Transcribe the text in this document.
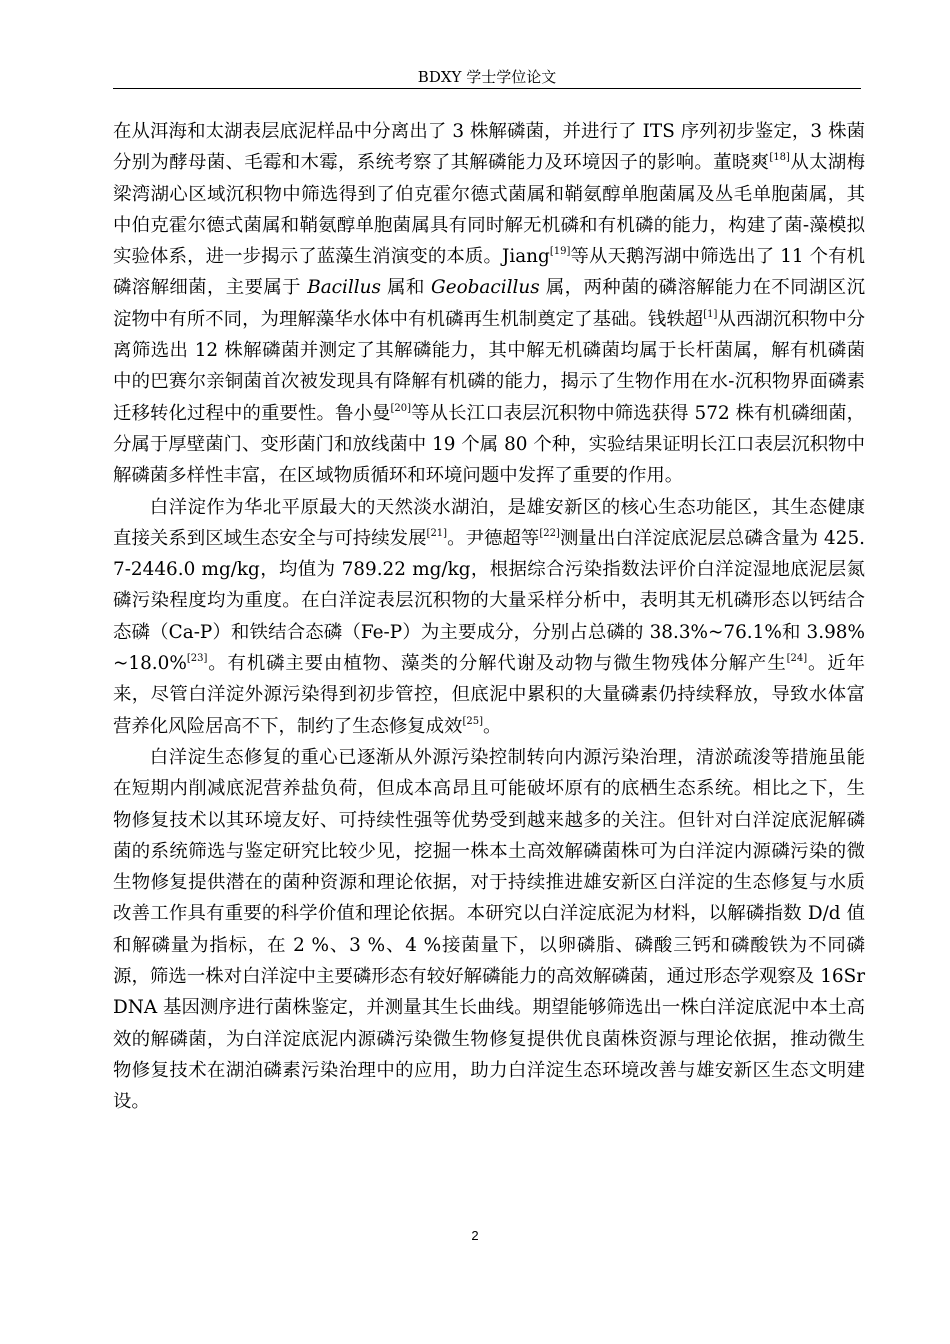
BDXY 学士学位论文

在从洱海和太湖表层底泥样品中分离出了 3 株解磷菌，并进行了 ITS 序列初步鉴定，3 株菌分别为酵母菌、毛霉和木霉，系统考察了其解磷能力及环境因子的影响。董晓爽[18]从太湖梅梁湾湖心区域沉积物中筛选得到了伯克霍尔德式菌属和鞘氨醇单胞菌属及丛毛单胞菌属，其中伯克霍尔德式菌属和鞘氨醇单胞菌属具有同时解无机磷和有机磷的能力，构建了菌-藻模拟实验体系，进一步揭示了蓝藻生消演变的本质。Jiang[19]等从天鹅泻湖中筛选出了 11 个有机磷溶解细菌，主要属于 Bacillus 属和 Geobacillus 属，两种菌的磷溶解能力在不同湖区沉淀物中有所不同，为理解藻华水体中有机磷再生机制奠定了基础。钱轶超[1]从西湖沉积物中分离筛选出 12 株解磷菌并测定了其解磷能力，其中解无机磷菌均属于长杆菌属，解有机磷菌中的巴赛尔亲铜菌首次被发现具有降解有机磷的能力，揭示了生物作用在水-沉积物界面磷素迁移转化过程中的重要性。鲁小曼[20]等从长江口表层沉积物中筛选获得 572 株有机磷细菌，分属于厚壁菌门、变形菌门和放线菌中 19 个属 80 个种，实验结果证明长江口表层沉积物中解磷菌多样性丰富，在区域物质循环和环境问题中发挥了重要的作用。

白洋淀作为华北平原最大的天然淡水湖泊，是雄安新区的核心生态功能区，其生态健康直接关系到区域生态安全与可持续发展[21]。尹德超等[22]测量出白洋淀底泥层总磷含量为 425.7-2446.0 mg/kg，均值为 789.22 mg/kg，根据综合污染指数法评价白洋淀湿地底泥层氮磷污染程度均为重度。在白洋淀表层沉积物的大量采样分析中，表明其无机磷形态以钙结合态磷（Ca-P）和铁结合态磷（Fe-P）为主要成分，分别占总磷的 38.3%~76.1%和 3.98%~18.0%[23]。有机磷主要由植物、藻类的分解代谢及动物与微生物残体分解产生[24]。近年来，尽管白洋淀外源污染得到初步管控，但底泥中累积的大量磷素仍持续释放，导致水体富营养化风险居高不下，制约了生态修复成效[25]。

白洋淀生态修复的重心已逐渐从外源污染控制转向内源污染治理，清淤疏浚等措施虽能在短期内削减底泥营养盐负荷，但成本高昂且可能破坏原有的底栖生态系统。相比之下，生物修复技术以其环境友好、可持续性强等优势受到越来越多的关注。但针对白洋淀底泥解磷菌的系统筛选与鉴定研究比较少见，挖掘一株本土高效解磷菌株可为白洋淀内源磷污染的微生物修复提供潜在的菌种资源和理论依据，对于持续推进雄安新区白洋淀的生态修复与水质改善工作具有重要的科学价值和理论依据。本研究以白洋淀底泥为材料，以解磷指数 D/d 值和解磷量为指标，在 2 %、3 %、4 %接菌量下，以卵磷脂、磷酸三钙和磷酸铁为不同磷源，筛选一株对白洋淀中主要磷形态有较好解磷能力的高效解磷菌，通过形态学观察及 16SrDNA 基因测序进行菌株鉴定，并测量其生长曲线。期望能够筛选出一株白洋淀底泥中本土高效的解磷菌，为白洋淀底泥内源磷污染微生物修复提供优良菌株资源与理论依据，推动微生物修复技术在湖泊磷素污染治理中的应用，助力白洋淀生态环境改善与雄安新区生态文明建设。

2
